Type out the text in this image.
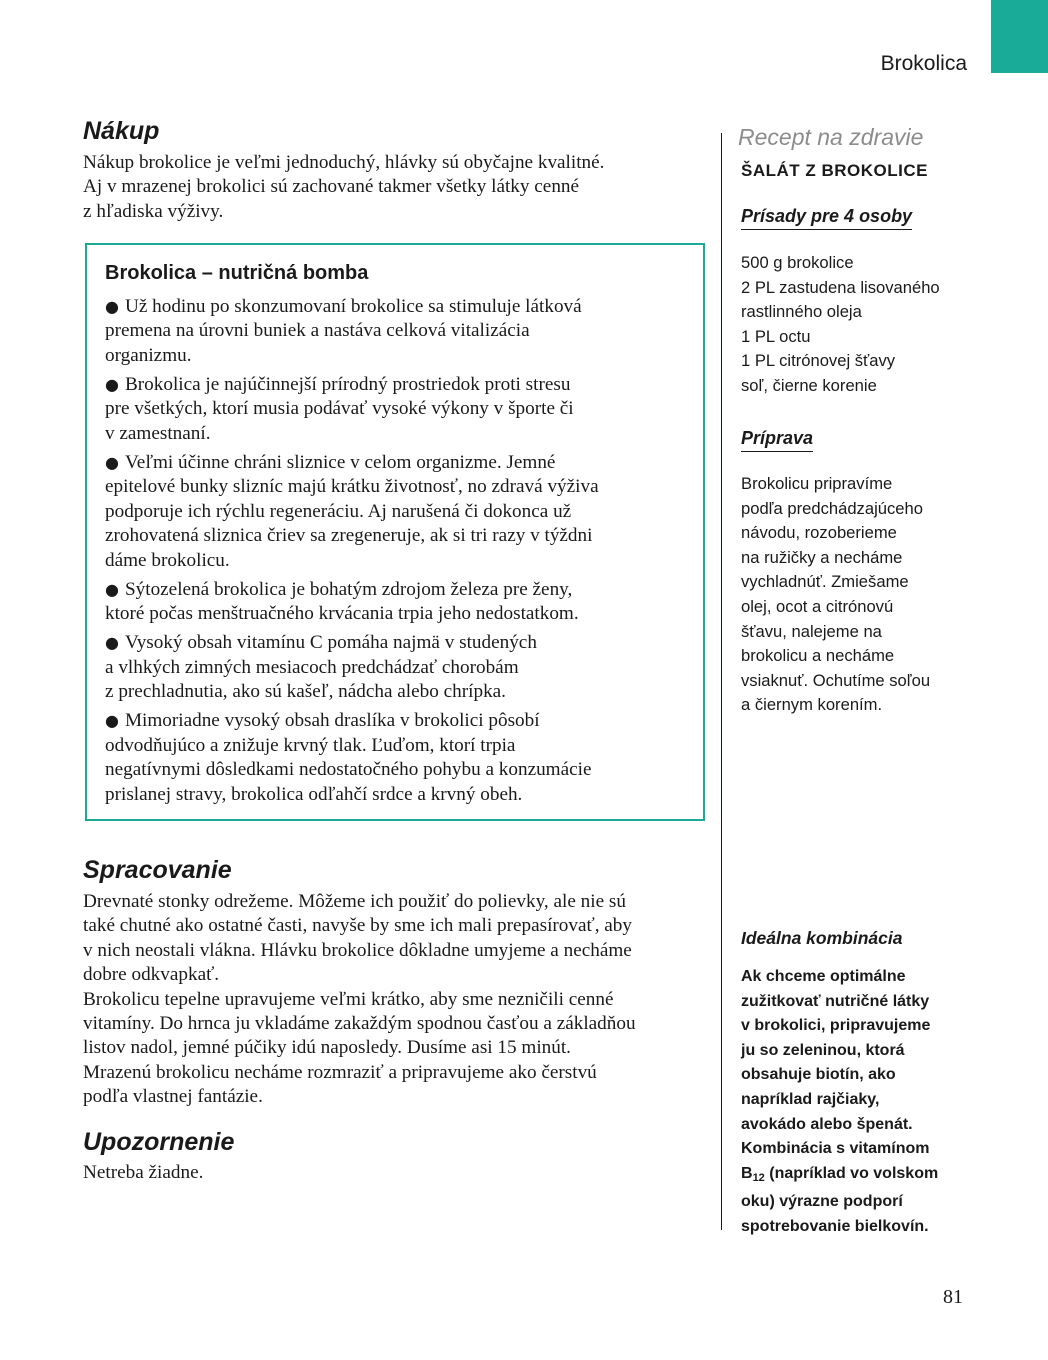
Brokolica
Nákup

Nákup brokolice je veľmi jednoduchý, hlávky sú obyčajne kvalitné.

Aj v mrazenej brokolici sú zachované takmer všetky látky cenné

z hľadiska výživy.

Brokolica – nutričná bomba
● Už hodinu po skonzumovaní brokolice sa stimuluje látková
premena na úrovni buniek a nastáva celková vitalizácia
organizmu.
● Brokolica je najúčinnejší prírodný prostriedok proti stresu
pre všetkých, ktorí musia podávať vysoké výkony v športe či
v zamestnaní.
● Veľmi účinne chráni sliznice v celom organizme. Jemné
epitelové bunky slizníc majú krátku životnosť, no zdravá výživa
podporuje ich rýchlu regeneráciu. Aj narušená či dokonca už
zrohovatená sliznica čriev sa zregeneruje, ak si tri razy v týždni
dáme brokolicu.
● Sýtozelená brokolica je bohatým zdrojom železa pre ženy,
ktoré počas menštruačného krvácania trpia jeho nedostatkom.
● Vysoký obsah vitamínu C pomáha najmä v studených
a vlhkých zimných mesiacoch predchádzať chorobám
z prechladnutia, ako sú kašeľ, nádcha alebo chrípka.
● Mimoriadne vysoký obsah draslíka v brokolici pôsobí
odvodňujúco a znižuje krvný tlak. Ľuďom, ktorí trpia
negatívnymi dôsledkami nedostatočného pohybu a konzumácie
prislanej stravy, brokolica odľahčí srdce a krvný obeh.
Spracovanie

Drevnaté stonky odrežeme. Môžeme ich použiť do polievky, ale nie sú

také chutné ako ostatné časti, navyše by sme ich mali prepasírovať, aby

v nich neostali vlákna. Hlávku brokolice dôkladne umyjeme a necháme

dobre odkvapkať.

Brokolicu tepelne upravujeme veľmi krátko, aby sme nezničili cenné

vitamíny. Do hrnca ju vkladáme zakaždým spodnou časťou a základňou

listov nadol, jemné púčiky idú naposledy. Dusíme asi 15 minút.

Mrazenú brokolicu necháme rozmraziť a pripravujeme ako čerstvú

podľa vlastnej fantázie.

Upozornenie

Netreba žiadne.

Recept na zdravie
ŠALÁT Z BROKOLICE
Prísady pre 4 osoby

500 g brokolice

2 PL zastudena lisovaného

rastlinného oleja

1 PL octu

1 PL citrónovej šťavy

soľ, čierne korenie

Príprava

Brokolicu pripravíme

podľa predchádzajúceho

návodu, rozoberieme

na ružičky a necháme

vychladnúť. Zmiešame

olej, ocot a citrónovú

šťavu, nalejeme na

brokolicu a necháme

vsiaknuť. Ochutíme soľou

a čiernym korením.

Ideálna kombinácia

Ak chceme optimálne

zužitkovať nutričné látky

v brokolici, pripravujeme

ju so zeleninou, ktorá

obsahuje biotín, ako

napríklad rajčiaky,

avokádo alebo špenát.

Kombinácia s vitamínom

B12 (napríklad vo volskom

oku) výrazne podporí

spotrebovanie bielkovín.

81
